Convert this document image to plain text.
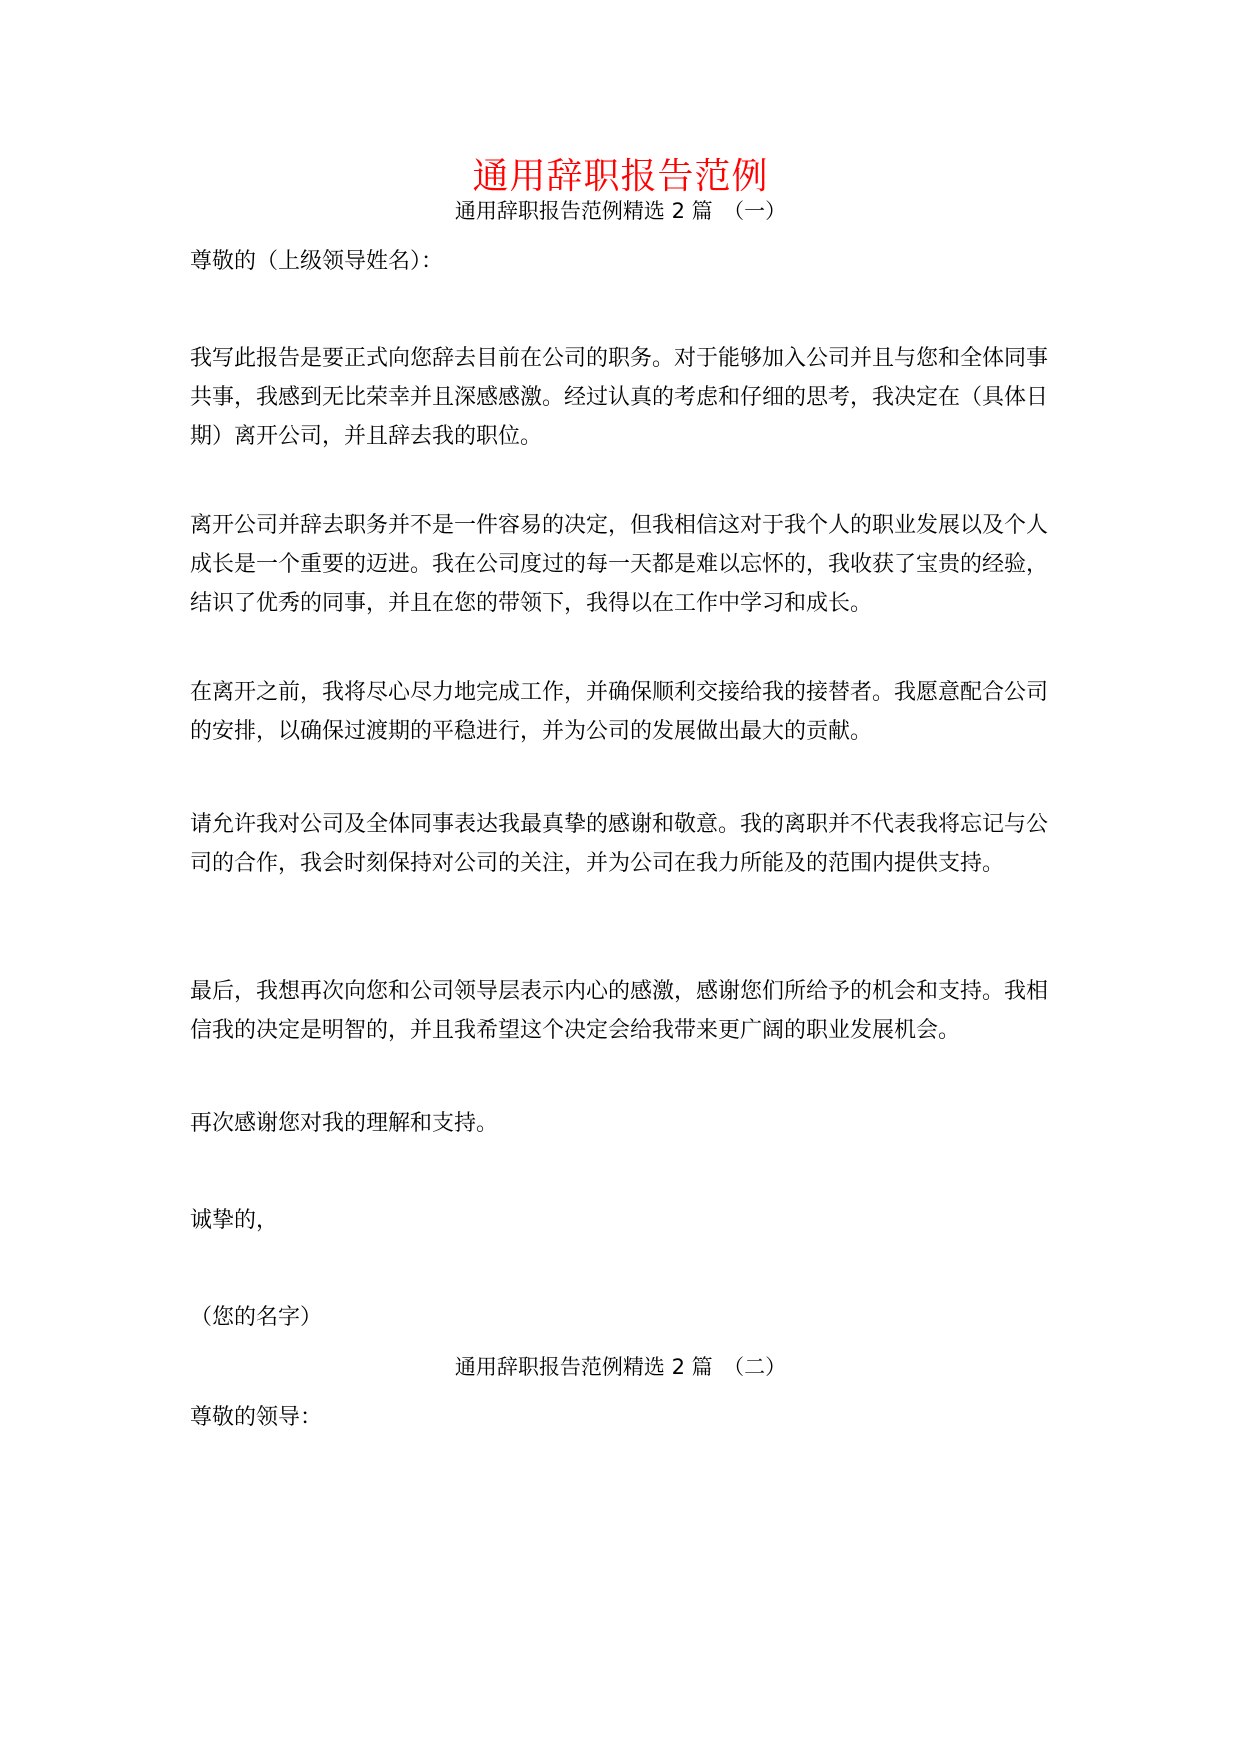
通用辞职报告范例
通用辞职报告范例精选 2 篇　（一）

尊敬的（上级领导姓名）：

我写此报告是要正式向您辞去目前在公司的职务。对于能够加入公司并且与您和全体同事共事，我感到无比荣幸并且深感感激。经过认真的考虑和仔细的思考，我决定在（具体日期）离开公司，并且辞去我的职位。

离开公司并辞去职务并不是一件容易的决定，但我相信这对于我个人的职业发展以及个人成长是一个重要的迈进。我在公司度过的每一天都是难以忘怀的，我收获了宝贵的经验，结识了优秀的同事，并且在您的带领下，我得以在工作中学习和成长。

在离开之前，我将尽心尽力地完成工作，并确保顺利交接给我的接替者。我愿意配合公司的安排，以确保过渡期的平稳进行，并为公司的发展做出最大的贡献。

请允许我对公司及全体同事表达我最真挚的感谢和敬意。我的离职并不代表我将忘记与公司的合作，我会时刻保持对公司的关注，并为公司在我力所能及的范围内提供支持。

最后，我想再次向您和公司领导层表示内心的感激，感谢您们所给予的机会和支持。我相信我的决定是明智的，并且我希望这个决定会给我带来更广阔的职业发展机会。

再次感谢您对我的理解和支持。

诚挚的，

（您的名字）

通用辞职报告范例精选 2 篇　（二）

尊敬的领导：
